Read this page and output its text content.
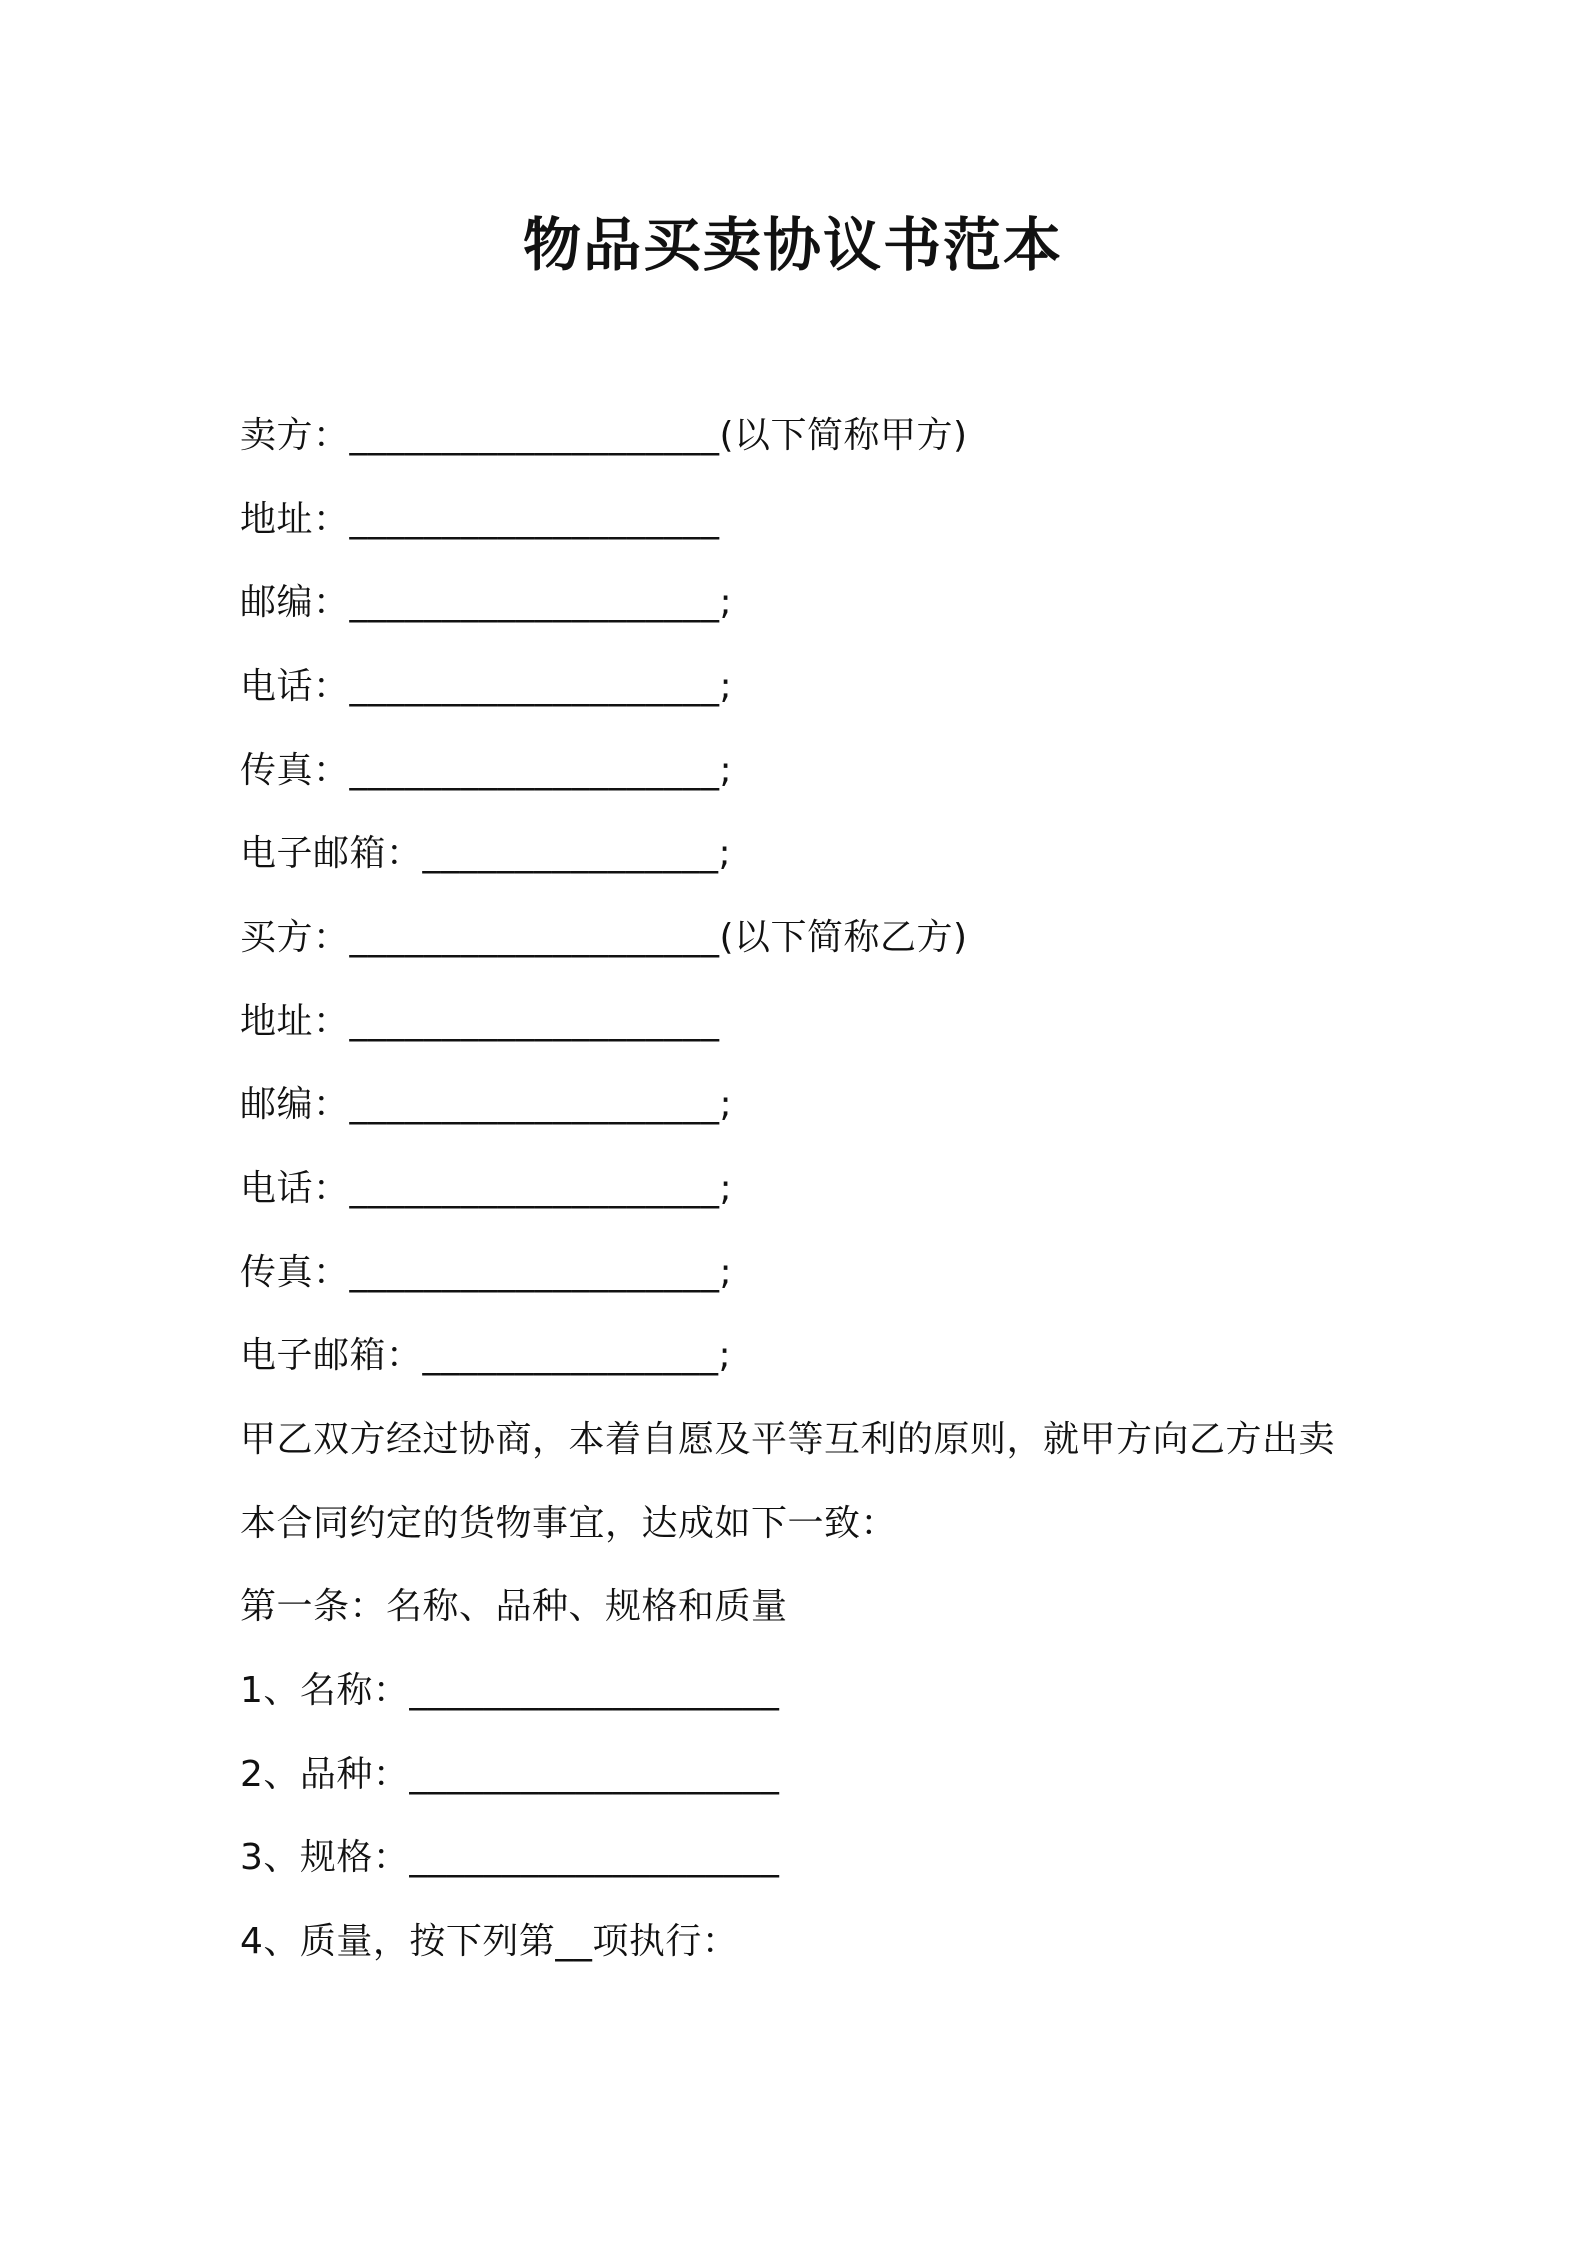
物品买卖协议书范本
卖方：____________________(以下简称甲方)
地址：____________________
邮编：____________________;
电话：____________________;
传真：____________________;
电子邮箱：________________;
买方：____________________(以下简称乙方)
地址：____________________
邮编：____________________;
电话：____________________;
传真：____________________;
电子邮箱：________________;
甲乙双方经过协商，本着自愿及平等互利的原则，就甲方向乙方出卖
本合同约定的货物事宜，达成如下一致：
第一条：名称、品种、规格和质量
1、名称：____________________
2、品种：____________________
3、规格：____________________
4、质量，按下列第__项执行：
